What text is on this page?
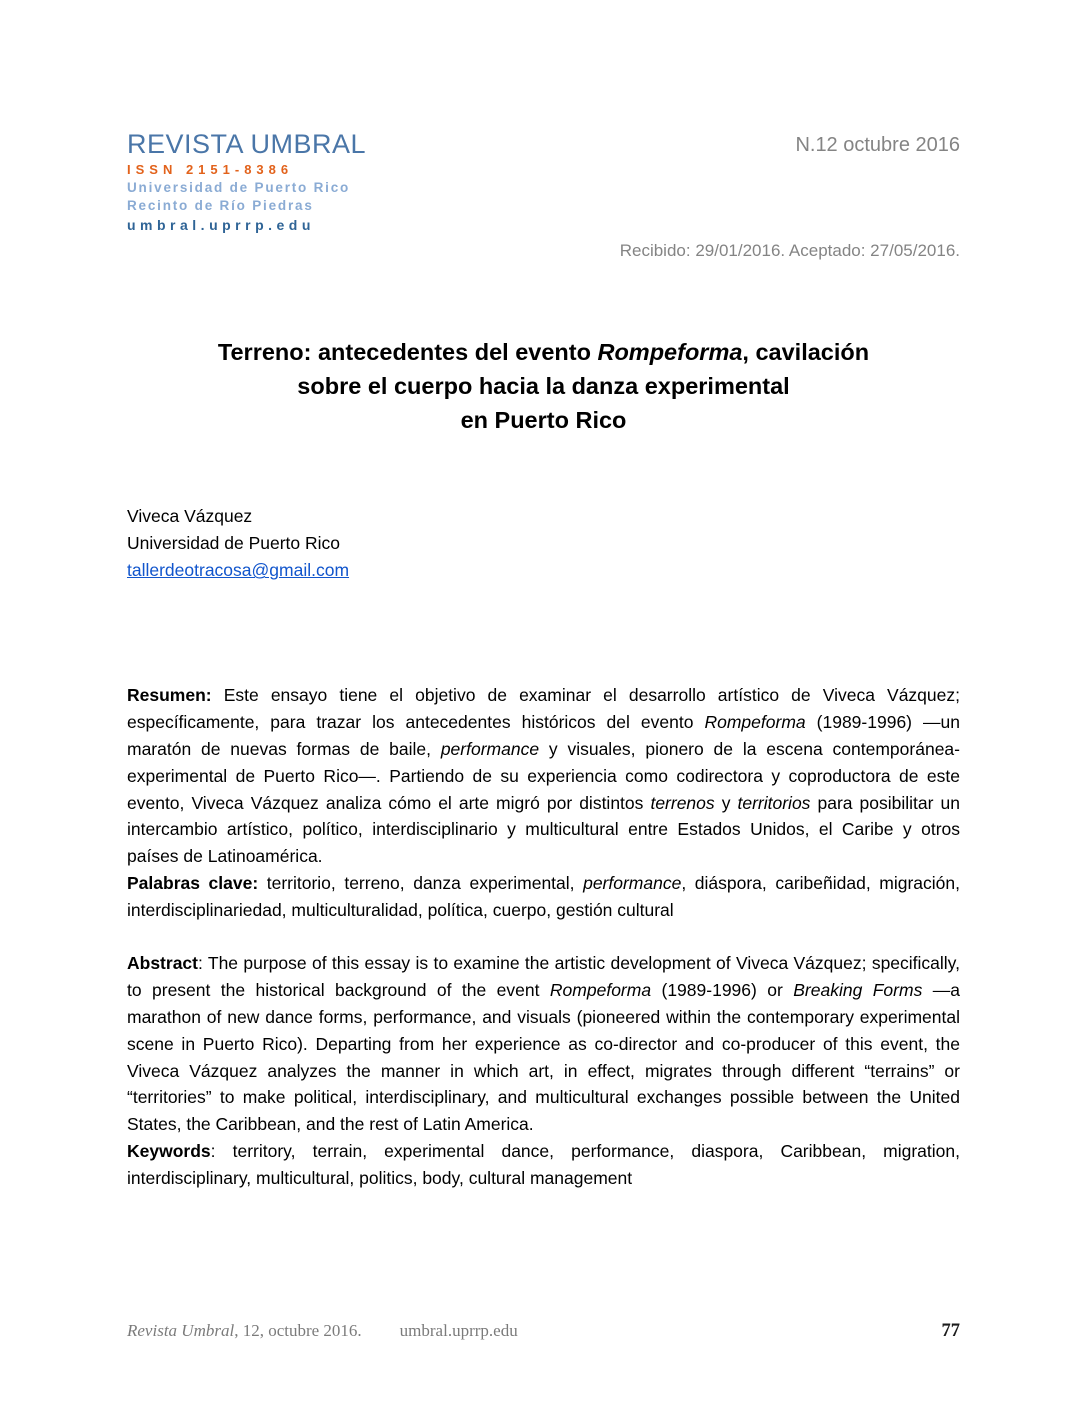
REVISTA UMBRAL
ISSN 2151-8386
Universidad de Puerto Rico
Recinto de Río Piedras
umbral.uprrp.edu
N.12 octubre 2016
Recibido: 29/01/2016. Aceptado: 27/05/2016.
Terreno: antecedentes del evento Rompeforma, cavilación
sobre el cuerpo hacia la danza experimental
en Puerto Rico
Viveca Vázquez
Universidad de Puerto Rico
tallerdeotracosa@gmail.com

Resumen: Este ensayo tiene el objetivo de examinar el desarrollo artístico de Viveca Vázquez; específicamente, para trazar los antecedentes históricos del evento Rompeforma (1989-1996) —un maratón de nuevas formas de baile, performance y visuales, pionero de la escena contemporánea-experimental de Puerto Rico—. Partiendo de su experiencia como codirectora y coproductora de este evento, Viveca Vázquez analiza cómo el arte migró por distintos terrenos y territorios para posibilitar un intercambio artístico, político, interdisciplinario y multicultural entre Estados Unidos, el Caribe y otros países de Latinoamérica.

Palabras clave: territorio, terreno, danza experimental, performance, diáspora, caribeñidad, migración, interdisciplinariedad, multiculturalidad, política, cuerpo, gestión cultural

Abstract: The purpose of this essay is to examine the artistic development of Viveca Vázquez; specifically, to present the historical background of the event Rompeforma (1989-1996) or Breaking Forms —a marathon of new dance forms, performance, and visuals (pioneered within the contemporary experimental scene in Puerto Rico). Departing from her experience as co-director and co-producer of this event, the Viveca Vázquez analyzes the manner in which art, in effect, migrates through different “terrains” or “territories” to make political, interdisciplinary, and multicultural exchanges possible between the United States, the Caribbean, and the rest of Latin America.

Keywords: territory, terrain, experimental dance, performance, diaspora, Caribbean, migration, interdisciplinary, multicultural, politics, body, cultural management

Revista Umbral, 12, octubre 2016. umbral.uprrp.edu	77
